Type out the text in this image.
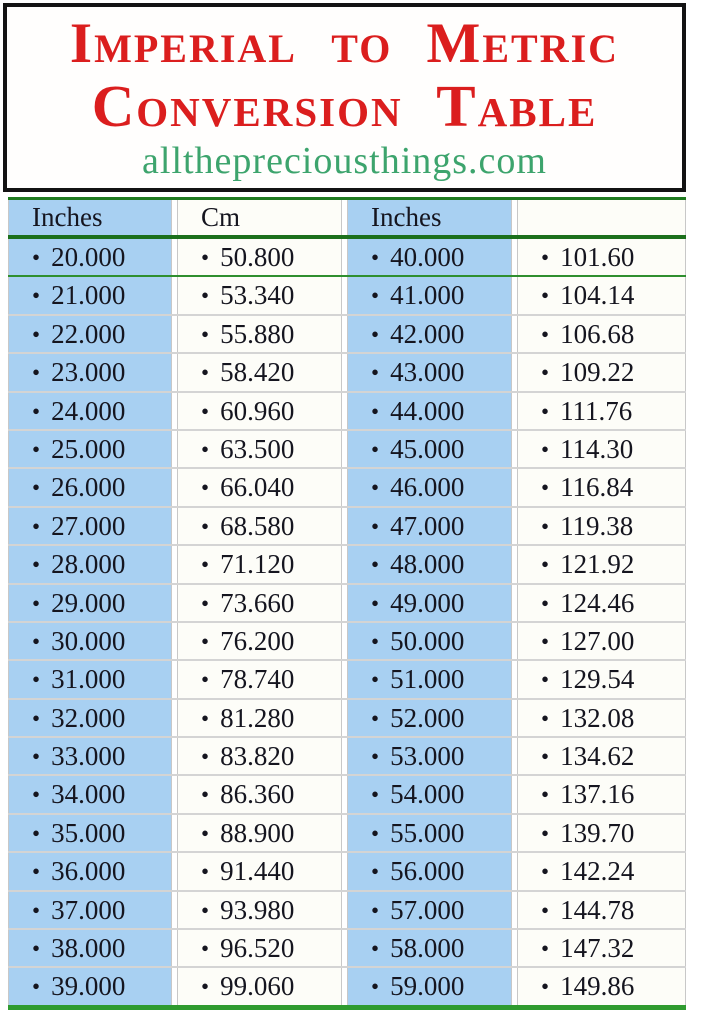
Imperial to Metric
Conversion Table
allthepreciousthings.com
Inches	Cm	Inches
• 20.000	• 50.800	• 40.000	• 101.60
• 21.000	• 53.340	• 41.000	• 104.14
• 22.000	• 55.880	• 42.000	• 106.68
• 23.000	• 58.420	• 43.000	• 109.22
• 24.000	• 60.960	• 44.000	• 111.76
• 25.000	• 63.500	• 45.000	• 114.30
• 26.000	• 66.040	• 46.000	• 116.84
• 27.000	• 68.580	• 47.000	• 119.38
• 28.000	• 71.120	• 48.000	• 121.92
• 29.000	• 73.660	• 49.000	• 124.46
• 30.000	• 76.200	• 50.000	• 127.00
• 31.000	• 78.740	• 51.000	• 129.54
• 32.000	• 81.280	• 52.000	• 132.08
• 33.000	• 83.820	• 53.000	• 134.62
• 34.000	• 86.360	• 54.000	• 137.16
• 35.000	• 88.900	• 55.000	• 139.70
• 36.000	• 91.440	• 56.000	• 142.24
• 37.000	• 93.980	• 57.000	• 144.78
• 38.000	• 96.520	• 58.000	• 147.32
• 39.000	• 99.060	• 59.000	• 149.86
